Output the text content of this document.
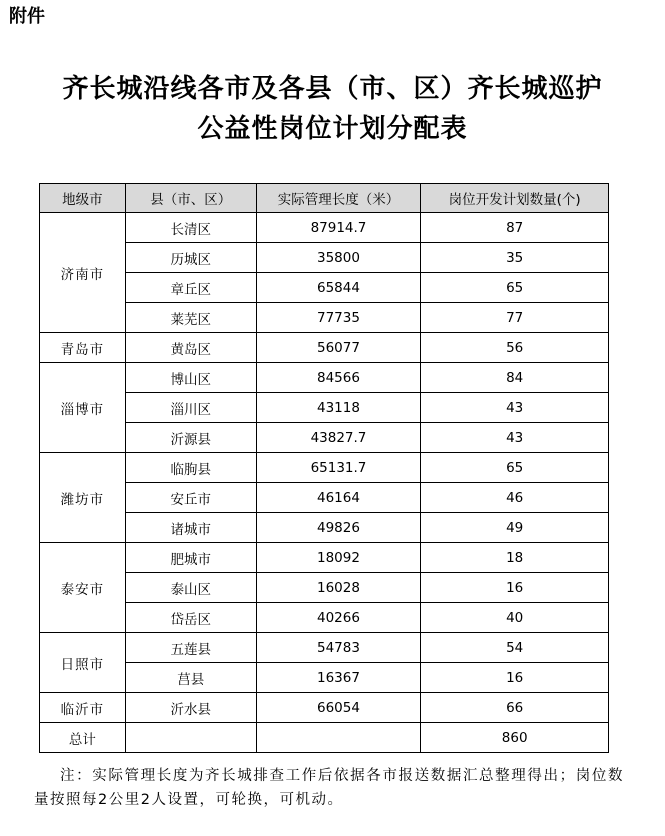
附件
齐长城沿线各市及各县（市、区）齐长城巡护
公益性岗位计划分配表
地级市	县（市、区）	实际管理长度（米）	岗位开发计划数量(个)
济南市	长清区	87914.7	87
	历城区	35800	35
	章丘区	65844	65
	莱芜区	77735	77
青岛市	黄岛区	56077	56
淄博市	博山区	84566	84
	淄川区	43118	43
	沂源县	43827.7	43
潍坊市	临朐县	65131.7	65
	安丘市	46164	46
	诸城市	49826	49
泰安市	肥城市	18092	18
	泰山区	16028	16
	岱岳区	40266	40
日照市	五莲县	54783	54
	莒县	16367	16
临沂市	沂水县	66054	66
总计			860
注：实际管理长度为齐长城排查工作后依据各市报送数据汇总整理得出；岗位数量按照每2公里2人设置，可轮换，可机动。
